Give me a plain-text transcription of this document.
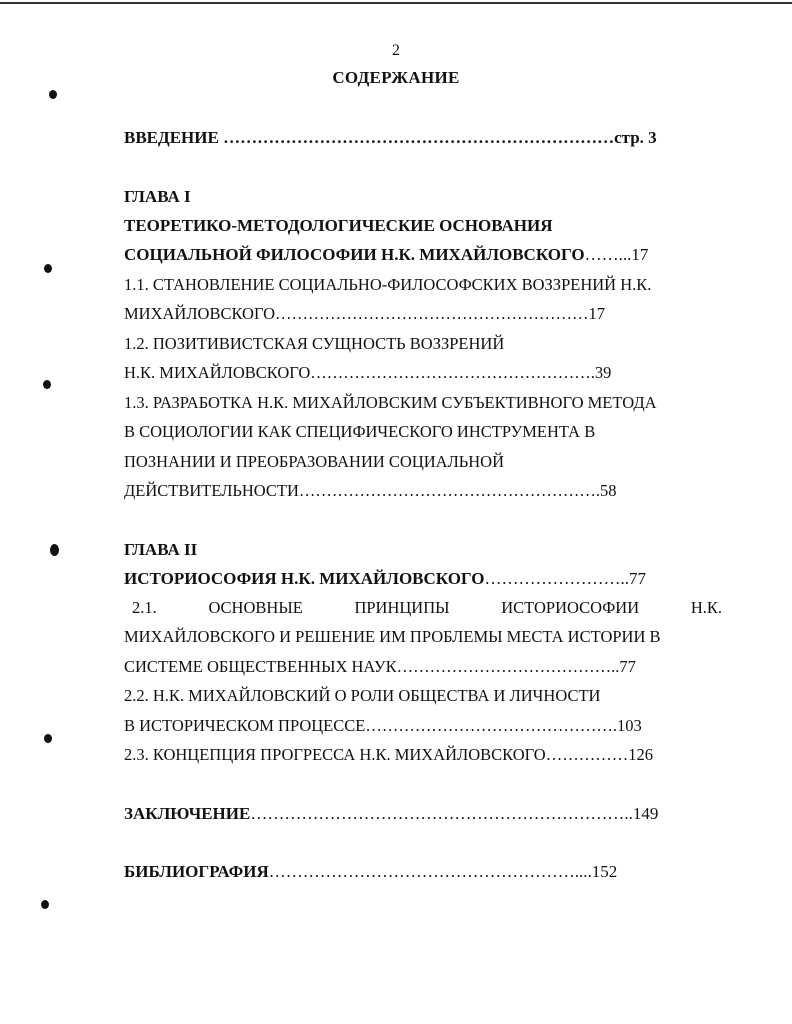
2
СОДЕРЖАНИЕ
ВВЕДЕНИЕ ……………………………………………………………стр. 3
ГЛАВА I
ТЕОРЕТИКО-МЕТОДОЛОГИЧЕСКИЕ ОСНОВАНИЯ
СОЦИАЛЬНОЙ ФИЛОСОФИИ Н.К. МИХАЙЛОВСКОГО……...17
1.1. СТАНОВЛЕНИЕ СОЦИАЛЬНО-ФИЛОСОФСКИХ ВОЗЗРЕНИЙ Н.К.
МИХАЙЛОВСКОГО…………………………………………………17
1.2. ПОЗИТИВИСТСКАЯ СУЩНОСТЬ ВОЗЗРЕНИЙ
Н.К. МИХАЙЛОВСКОГО…………………………………………….39
1.3. РАЗРАБОТКА Н.К. МИХАЙЛОВСКИМ СУБЪЕКТИВНОГО МЕТОДА
В СОЦИОЛОГИИ КАК СПЕЦИФИЧЕСКОГО ИНСТРУМЕНТА В
ПОЗНАНИИ И ПРЕОБРАЗОВАНИИ СОЦИАЛЬНОЙ
ДЕЙСТВИТЕЛЬНОСТИ……………………………………………….58
ГЛАВА II
ИСТОРИОСОФИЯ Н.К. МИХАЙЛОВСКОГО……………………..77
2.1.	ОСНОВНЫЕ	ПРИНЦИПЫ	ИСТОРИОСОФИИ	Н.К.
МИХАЙЛОВСКОГО И РЕШЕНИЕ ИМ ПРОБЛЕМЫ МЕСТА ИСТОРИИ В
СИСТЕМЕ ОБЩЕСТВЕННЫХ НАУК…………………………………..77
2.2. Н.К. МИХАЙЛОВСКИЙ О РОЛИ ОБЩЕСТВА И ЛИЧНОСТИ
В ИСТОРИЧЕСКОМ ПРОЦЕССЕ……………………………………….103
2.3. КОНЦЕПЦИЯ ПРОГРЕССА Н.К. МИХАЙЛОВСКОГО……………126
ЗАКЛЮЧЕНИЕ…………………………………………………………..149
БИБЛИОГРАФИЯ………………………………………………....152
